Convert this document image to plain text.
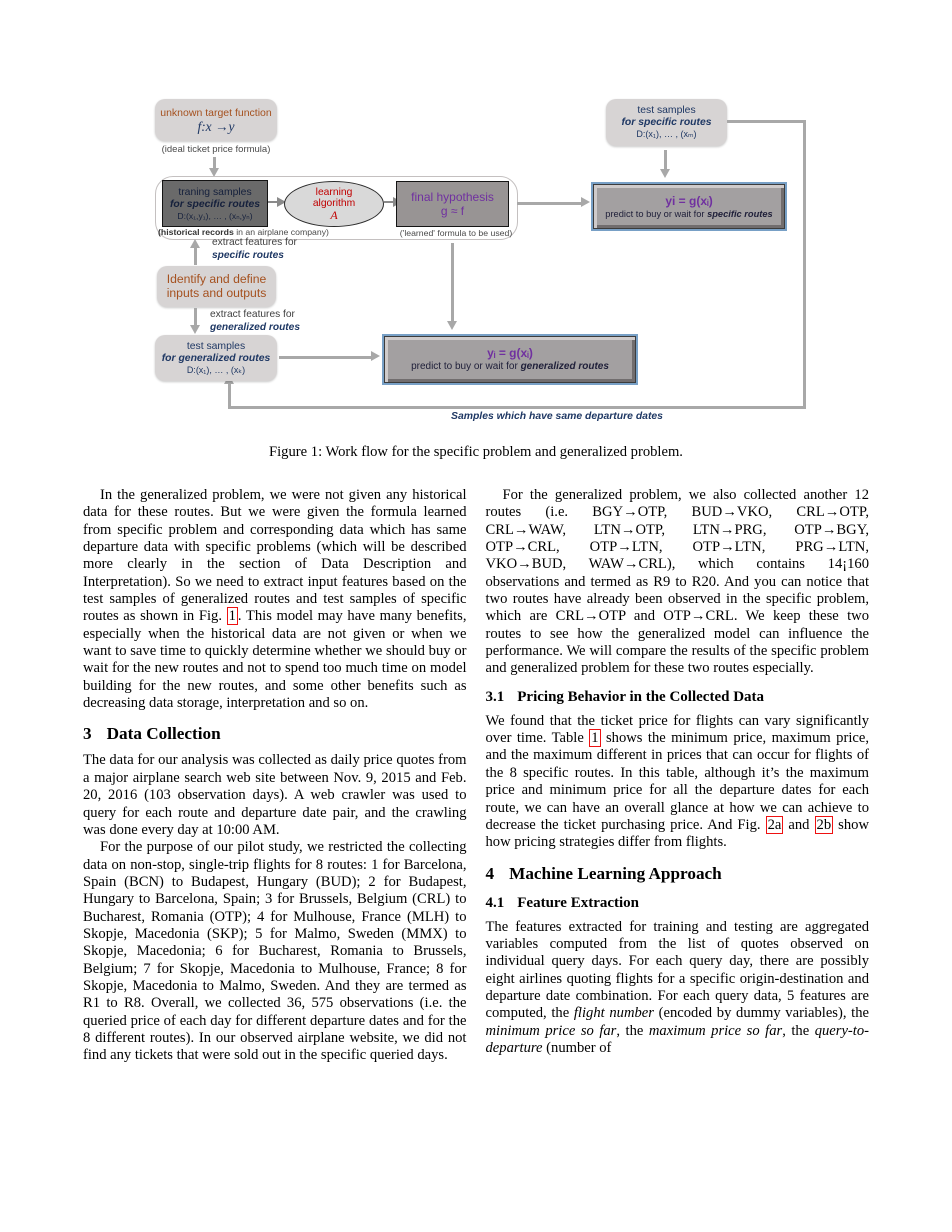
unknown target function
f:x →y
(ideal ticket price formula)
traning samples
for specific routes
D:(x₁,y₁), … , (xₙ,yₙ)
(historical records in an airplane company)
learning
algorithm
A
final hypothesis
g ≈ f
('learned' formula to be used)
test samples
for specific routes
D:(x₁), … , (xₘ)
yi = g(xᵢ)
predict to buy or wait for specific routes
Identify and define
inputs and outputs
extract features for
specific routes
extract features for
generalized routes
test samples
for generalized routes
D:(x₁), … , (xₖ)
yᵢ = g(xᵢ)
predict to buy or wait for generalized routes
Samples which have same departure dates
Figure 1: Work flow for the specific problem and generalized problem.

In the generalized problem, we were not given any historical data for these routes. But we were given the formula learned from specific problem and corresponding data which has same departure data with specific problems (which will be described more clearly in the section of Data Description and Interpretation). So we need to extract input features based on the test samples of generalized routes and test samples of specific routes as shown in Fig. 1 . This model may have many benefits, especially when the historical data are not given or when we want to save time to quickly determine whether we should buy or wait for the new routes and not to spend too much time on model building for the new routes, and some other benefits such as decreasing data storage, interpretation and so on.

3 Data Collection

The data for our analysis was collected as daily price quotes from a major airplane search web site between Nov. 9, 2015 and Feb. 20, 2016 (103 observation days). A web crawler was used to query for each route and departure date pair, and the crawling was done every day at 10:00 AM.

For the purpose of our pilot study, we restricted the collecting data on non-stop, single-trip flights for 8 routes: 1 for Barcelona, Spain (BCN) to Budapest, Hungary (BUD); 2 for Budapest, Hungary to Barcelona, Spain; 3 for Brussels, Belgium (CRL) to Bucharest, Romania (OTP); 4 for Mulhouse, France (MLH) to Skopje, Macedonia (SKP); 5 for Malmo, Sweden (MMX) to Skopje, Macedonia; 6 for Bucharest, Romania to Brussels, Belgium; 7 for Skopje, Macedonia to Mulhouse, France; 8 for Skopje, Macedonia to Malmo, Sweden. And they are termed as R1 to R8. Overall, we collected 36, 575 observations (i.e. the queried price of each day for different departure dates and for the 8 different routes). In our observed airplane website, we did not find any tickets that were sold out in the specific queried days.

For the generalized problem, we also collected another 12 routes (i.e. BGY→OTP, BUD→VKO, CRL→OTP, CRL→WAW, LTN→OTP, LTN→PRG, OTP→BGY, OTP→CRL, OTP→LTN, OTP→LTN, PRG→LTN, VKO→BUD, WAW→CRL), which contains 14¡160 observations and termed as R9 to R20. And you can notice that two routes have already been observed in the specific problem, which are CRL→OTP and OTP→CRL. We keep these two routes to see how the generalized model can influence the performance. We will compare the results of the specific problem and generalized problem for these two routes especially.

3.1 Pricing Behavior in the Collected Data

We found that the ticket price for flights can vary significantly over time. Table 1 shows the minimum price, maximum price, and the maximum different in prices that can occur for flights of the 8 specific routes. In this table, although it’s the maximum price and minimum price for all the departure dates for each route, we can have an overall glance at how we can achieve to decrease the ticket purchasing price. And Fig. 2a and 2b show how pricing strategies differ from flights.

4 Machine Learning Approach
4.1 Feature Extraction

The features extracted for training and testing are aggregated variables computed from the list of quotes observed on individual query days. For each query day, there are possibly eight airlines quoting flights for a specific origin-destination and departure date combination. For each query data, 5 features are computed, the flight number (encoded by dummy variables), the minimum price so far, the maximum price so far, the query-to-departure (number of
